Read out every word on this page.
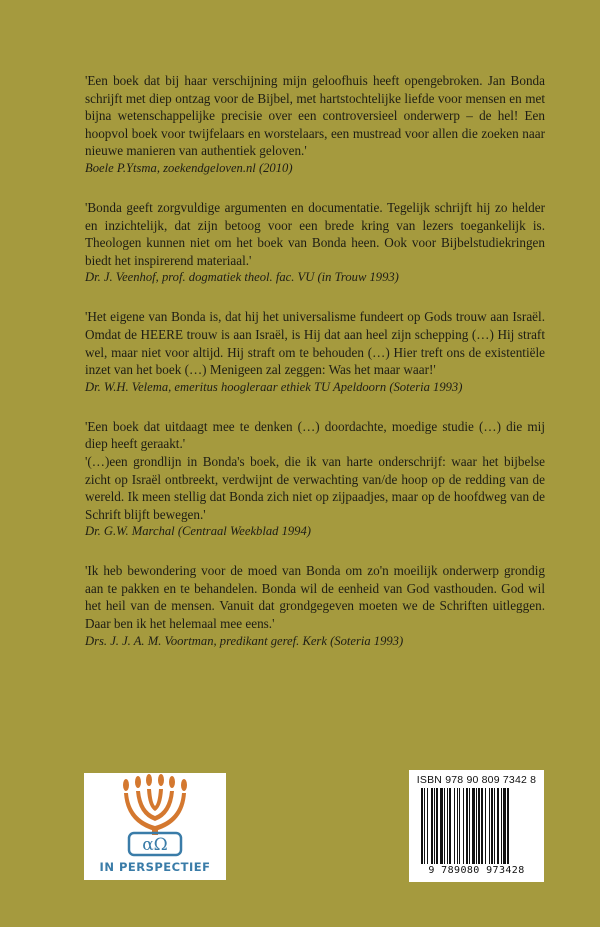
'Een boek dat bij haar verschijning mijn geloofhuis heeft opengebroken. Jan Bonda schrijft met diep ontzag voor de Bijbel, met hartstochtelijke liefde voor mensen en met bijna wetenschappelijke precisie over een controversieel onderwerp – de hel! Een hoopvol boek voor twijfelaars en worstelaars, een mustread voor allen die zoeken naar nieuwe manieren van authentiek geloven.'

Boele P.Ytsma, zoekendgeloven.nl (2010)

'Bonda geeft zorgvuldige argumenten en documentatie. Tegelijk schrijft hij zo helder en inzichtelijk, dat zijn betoog voor een brede kring van lezers toegankelijk is. Theologen kunnen niet om het boek van Bonda heen. Ook voor Bijbelstudiekringen biedt het inspirerend materiaal.'

Dr. J. Veenhof, prof. dogmatiek theol. fac. VU (in Trouw 1993)

'Het eigene van Bonda is, dat hij het universalisme fundeert op Gods trouw aan Israël. Omdat de HEERE trouw is aan Israël, is Hij dat aan heel zijn schepping (…) Hij straft wel, maar niet voor altijd. Hij straft om te behouden (…) Hier treft ons de existentiële inzet van het boek (…) Menigeen zal zeggen: Was het maar waar!'

Dr. W.H. Velema, emeritus hoogleraar ethiek TU Apeldoorn (Soteria 1993)

'Een boek dat uitdaagt mee te denken (…) doordachte, moedige studie (…) die mij diep heeft geraakt.'

'(…)een grondlijn in Bonda's boek, die ik van harte onderschrijf: waar het bijbelse zicht op Israël ontbreekt, verdwijnt de verwachting van/de hoop op de redding van de wereld. Ik meen stellig dat Bonda zich niet op zijpaadjes, maar op de hoofdweg van de Schrift blijft bewegen.'

Dr. G.W. Marchal (Centraal Weekblad 1994)

'Ik heb bewondering voor de moed van Bonda om zo'n moeilijk onderwerp grondig aan te pakken en te behandelen. Bonda wil de eenheid van God vasthouden. God wil het heil van de mensen. Vanuit dat grondgegeven moeten we de Schriften uitleggen. Daar ben ik het helemaal mee eens.'

Drs. J. J. A. M. Voortman, predikant geref. Kerk (Soteria 1993)

αΩ
IN PERSPECTIEF
ISBN 978 90 809 7342 8
9 789080 973428
